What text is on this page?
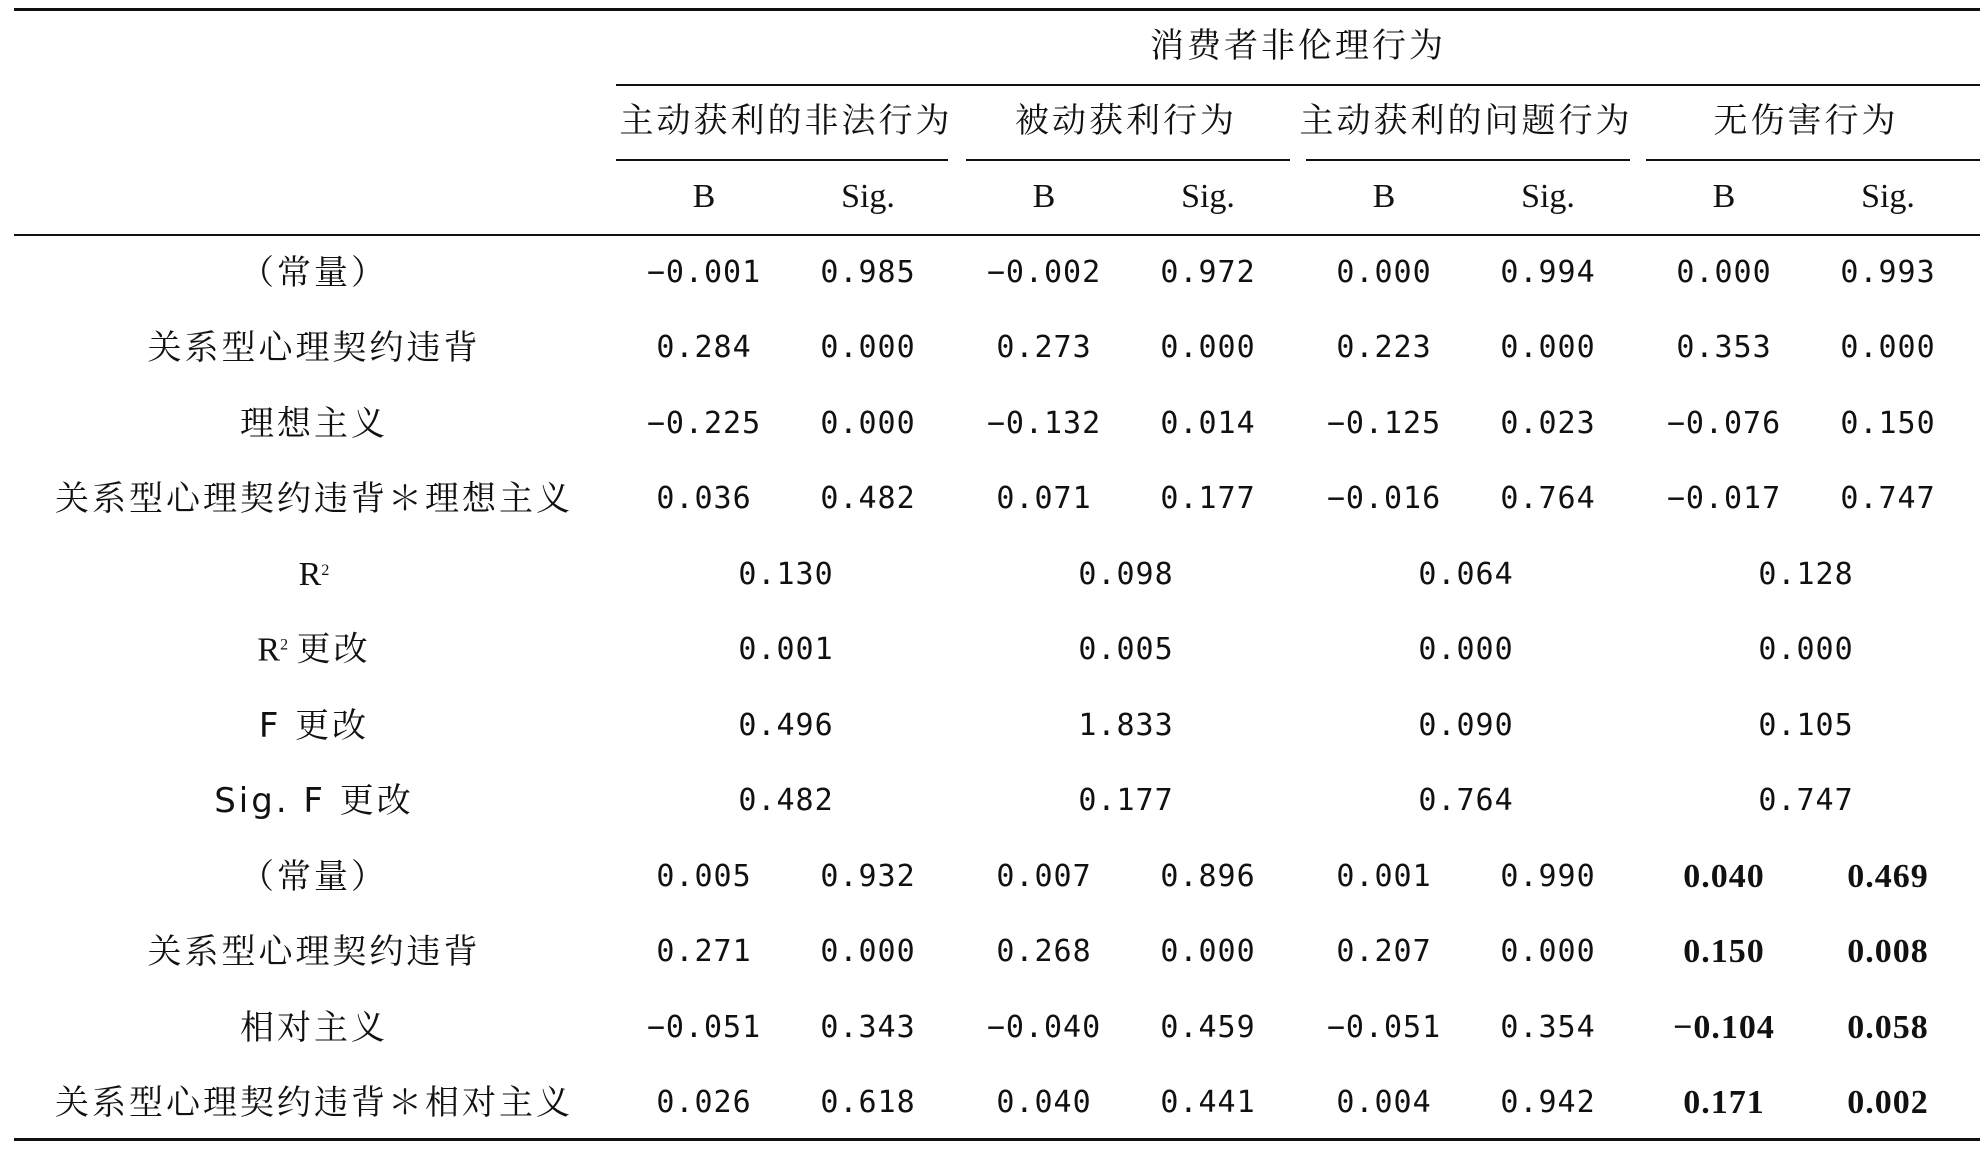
消费者非伦理行为
主动获利的非法行为 被动获利行为 主动获利的问题行为 无伤害行为
B	Sig.	B	Sig.	B	Sig.	B	Sig.
（常量）	−0.001 0.985 −0.002 0.972	0.000 0.994	0.000 0.993
关系型心理契约违背	0.284 0.000	0.273 0.000	0.223 0.000	0.353 0.000
理想主义	−0.225 0.000 −0.132 0.014 −0.125 0.023 −0.076 0.150
关系型心理契约违背＊理想主义	0.036 0.482	0.071 0.177 −0.016 0.764 −0.017 0.747
$R^2$	0.130	0.098	0.064	0.128
$R^2$ 更改	0.001	0.005	0.000	0.000
F 更改	0.496	1.833	0.090	0.105
Sig. F 更改	0.482	0.177	0.764	0.747
（常量）	0.005 0.932	0.007 0.896	0.001 0.990	0.040 0.469
关系型心理契约违背	0.271 0.000	0.268 0.000	0.207 0.000	0.150 0.008
相对主义	−0.051 0.343 −0.040 0.459 −0.051 0.354 −0.104 0.058
关系型心理契约违背＊相对主义	0.026 0.618	0.040 0.441	0.004 0.942	0.171 0.002
